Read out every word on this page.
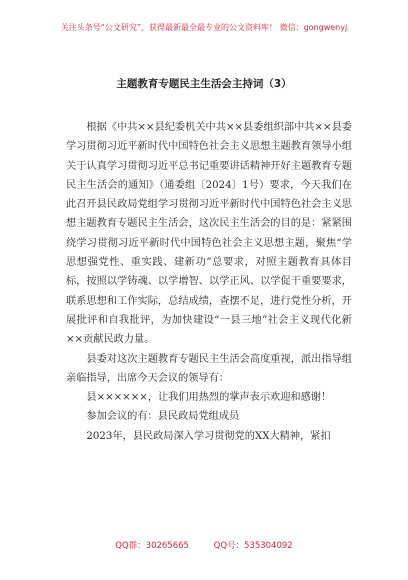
关注头条号“公文研究”，获得最新最全最专业的公文资料库！ 微信：gongwenyj
主题教育专题民主生活会主持词（3）

根据《中共××县纪委机关中共××县委组织部中共××县委学习贯彻习近平新时代中国特色社会主义思想主题教育领导小组关于认真学习贯彻习近平总书记重要讲话精神开好主题教育专题民主生活会的通知》（通委组〔2024〕1号）要求，今天我们在此召开县民政局党组学习贯彻习近平新时代中国特色社会主义思想主题教育专题民主生活会，这次民主生活会的目的是：紧紧围绕学习贯彻习近平新时代中国特色社会主义思想主题，聚焦“学思想强党性、重实践、建新功”总要求，对照主题教育具体目标，按照以学铸魂、以学增智、以学正风、以学促干重要要求，联系思想和工作实际，总结成绩，查摆不足，进行党性分析，开展批评和自我批评，为加快建设“一县三地”社会主义现代化新××贡献民政力量。

县委对这次主题教育专题民主生活会高度重视，派出指导组亲临指导，出席今天会议的领导有：

县××××××，让我们用热烈的掌声表示欢迎和感谢！

参加会议的有：县民政局党组成员

2023年，县民政局深入学习贯彻党的XX大精神，紧扣

QQ群：30265665	QQ号：535304092
